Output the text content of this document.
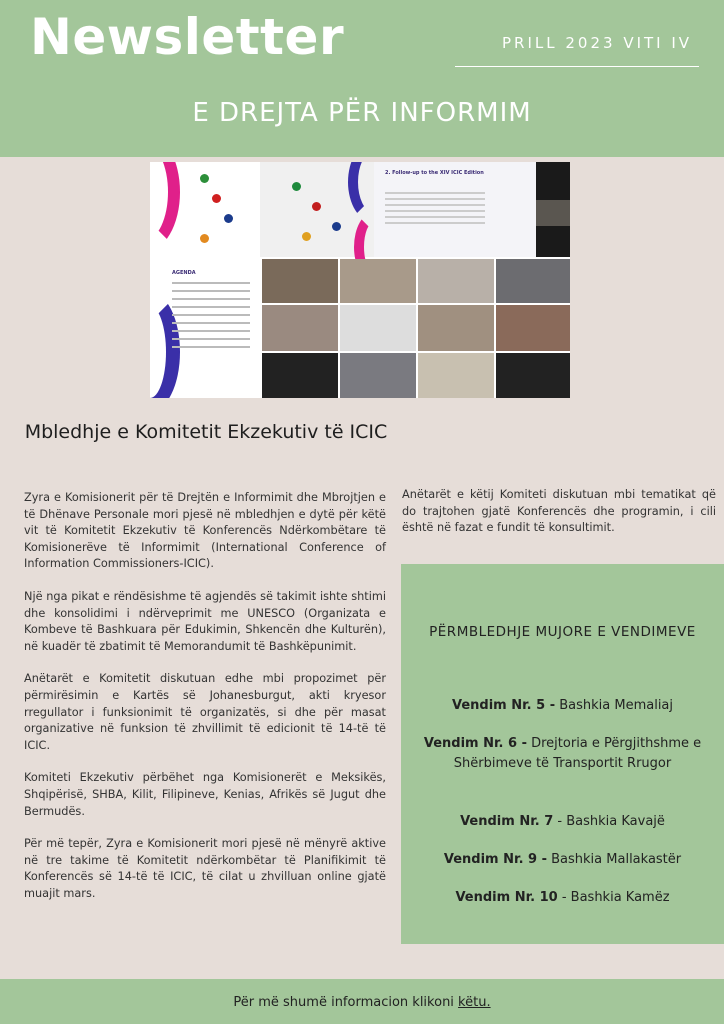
Newsletter	PRILL 2023 VITI IV
E DREJTA PËR INFORMIM
AGENDA
2. Follow-up to the XIV ICIC Edition
Mbledhje e Komitetit Ekzekutiv të ICIC

Zyra e Komisionerit për të Drejtën e Informimit dhe Mbrojtjen e të Dhënave Personale mori pjesë në mbledhjen e dytë për këtë vit të Komitetit Ekzekutiv të Konferencës Ndërkombëtare të Komisionerëve të Informimit (International Conference of Information Commissioners-ICIC).

Një nga pikat e rëndësishme të agjendës së takimit ishte shtimi dhe konsolidimi i ndërveprimit me UNESCO (Organizata e Kombeve të Bashkuara për Edukimin, Shkencën dhe Kulturën), në kuadër të zbatimit të Memorandumit të Bashkëpunimit.

Anëtarët e Komitetit diskutuan edhe mbi propozimet për përmirësimin e Kartës së Johanesburgut, akti kryesor rregullator i funksionimit të organizatës, si dhe për masat organizative në funksion të zhvillimit të edicionit të 14-të të ICIC.

Komiteti Ekzekutiv përbëhet nga Komisionerët e Meksikës, Shqipërisë, SHBA, Kilit, Filipineve, Kenias, Afrikës së Jugut dhe Bermudës.

Për më tepër, Zyra e Komisionerit mori pjesë në mënyrë aktive në tre takime të Komitetit ndërkombëtar të Planifikimit të Konferencës së 14-të të ICIC, të cilat u zhvilluan online gjatë muajit mars.

Anëtarët e këtij Komiteti diskutuan mbi tematikat që do trajtohen gjatë Konferencës dhe programin, i cili është në fazat e fundit të konsultimit.
PËRMBLEDHJE MUJORE E VENDIMEVE
Vendim Nr. 5 - Bashkia Memaliaj
Vendim Nr. 6 - Drejtoria e Përgjithshme e Shërbimeve të Transportit Rrugor
Vendim Nr. 7 - Bashkia Kavajë
Vendim Nr. 9 - Bashkia Mallakastër
Vendim Nr. 10 - Bashkia Kamëz
Për më shumë informacion klikoni këtu.
